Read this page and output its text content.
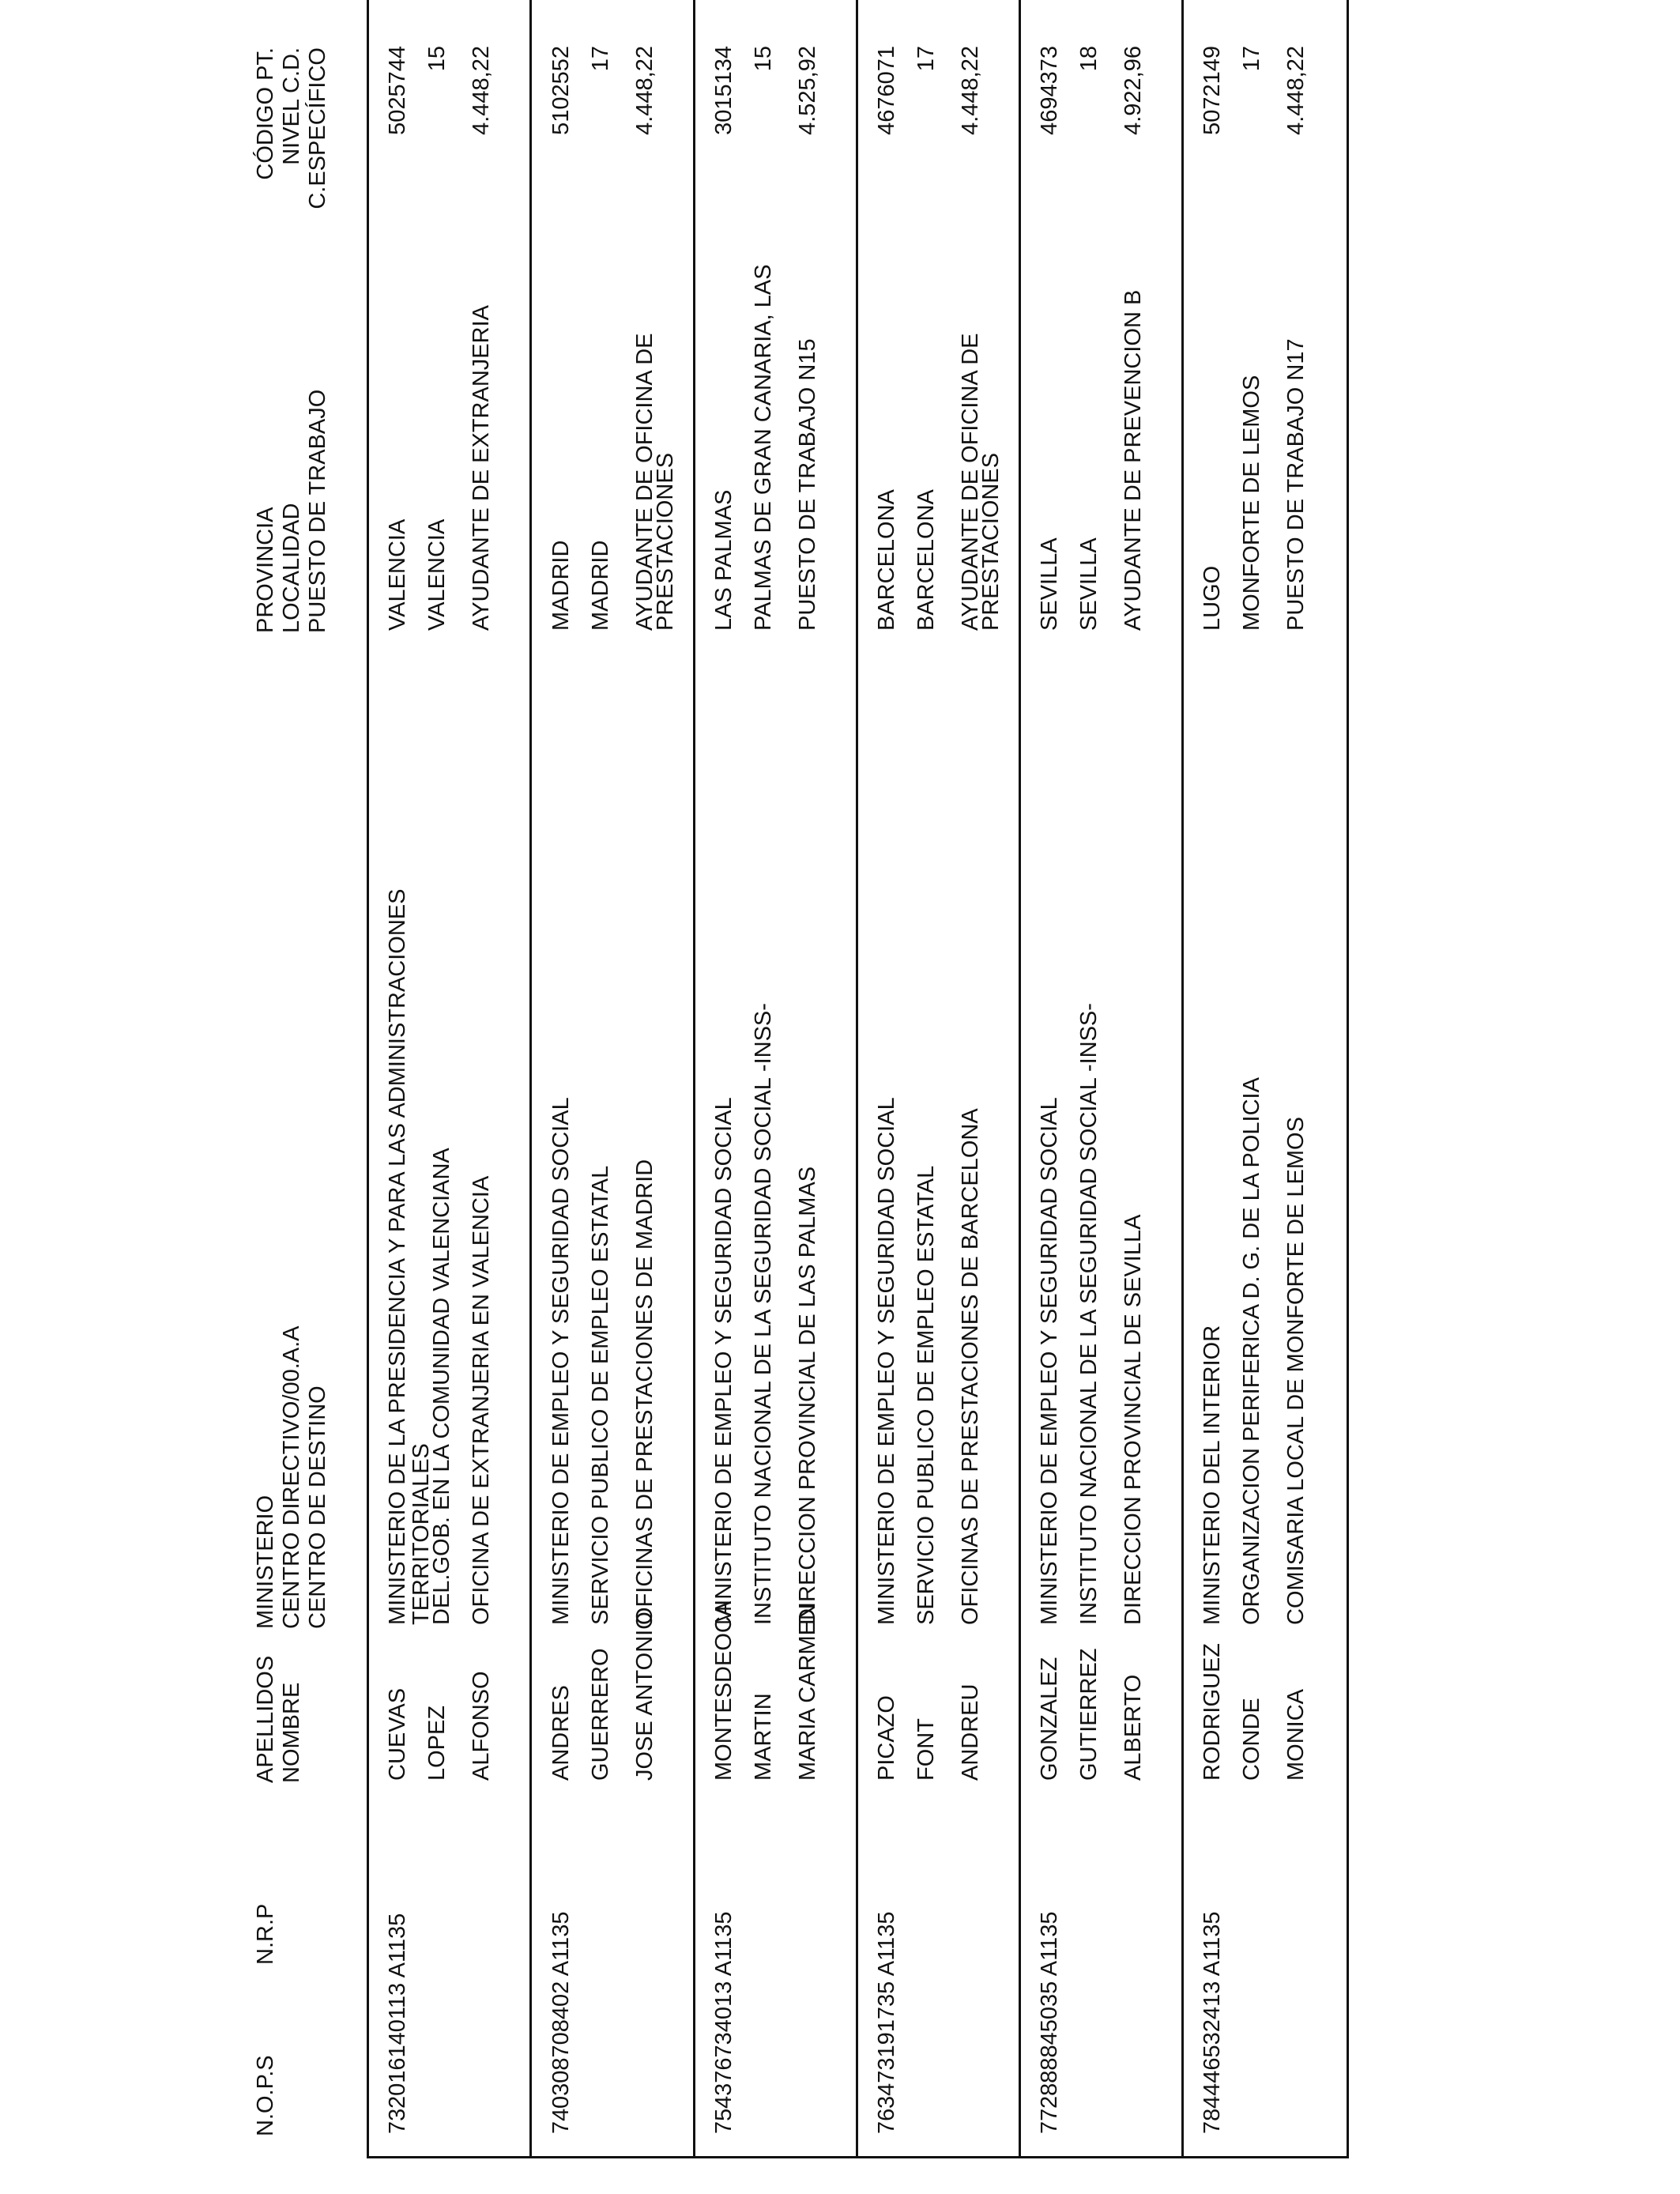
N.O.P.S
N.R.P
APELLIDOS NOMBRE
MINISTERIO CENTRO DIRECTIVO/00.A.A CENTRO DE DESTINO
PROVINCIA LOCALIDAD PUESTO DE TRABAJO
CÓDIGO PT. NIVEL C.D. C.ESPECÍFICO
73
2016140113 A1135
CUEVAS LOPEZ ALFONSO
MINISTERIO DE LA PRESIDENCIA Y PARA LAS ADMINISTRACIONES
TERRITORIALES
DEL.GOB. EN LA COMUNIDAD VALENCIANA OFICINA DE EXTRANJERIA EN VALENCIA
VALENCIA VALENCIA AYUDANTE DE EXTRANJERIA
5025744 15 4.448,22
74
0308708402 A1135
ANDRES GUERRERO JOSE ANTONIO
MINISTERIO DE EMPLEO Y SEGURIDAD SOCIAL SERVICIO PUBLICO DE EMPLEO ESTATAL OFICINAS DE PRESTACIONES DE MADRID
MADRID MADRID AYUDANTE DE OFICINA DE
PRESTACIONES
5102552 17 4.448,22
75
4376734013 A1135
MONTESDEOCA MARTIN MARIA CARMEN
MINISTERIO DE EMPLEO Y SEGURIDAD SOCIAL INSTITUTO NACIONAL DE LA SEGURIDAD SOCIAL -INSS- DIRECCION PROVINCIAL DE LAS PALMAS
LAS PALMAS PALMAS DE GRAN CANARIA, LAS PUESTO DE TRABAJO N15
3015134 15 4.525,92
76
3473191735 A1135
PICAZO FONT ANDREU
MINISTERIO DE EMPLEO Y SEGURIDAD SOCIAL SERVICIO PUBLICO DE EMPLEO ESTATAL OFICINAS DE PRESTACIONES DE BARCELONA
BARCELONA BARCELONA AYUDANTE DE OFICINA DE
PRESTACIONES
4676071 17 4.448,22
77
2888845035 A1135
GONZALEZ GUTIERREZ ALBERTO
MINISTERIO DE EMPLEO Y SEGURIDAD SOCIAL INSTITUTO NACIONAL DE LA SEGURIDAD SOCIAL -INSS- DIRECCION PROVINCIAL DE SEVILLA
SEVILLA SEVILLA AYUDANTE DE PREVENCION B
4694373 18 4.922,96
78
4446532413 A1135
RODRIGUEZ CONDE MONICA
MINISTERIO DEL INTERIOR ORGANIZACION PERIFERICA D. G. DE LA POLICIA COMISARIA LOCAL DE MONFORTE DE LEMOS
LUGO MONFORTE DE LEMOS PUESTO DE TRABAJO N17
5072149 17 4.448,22
